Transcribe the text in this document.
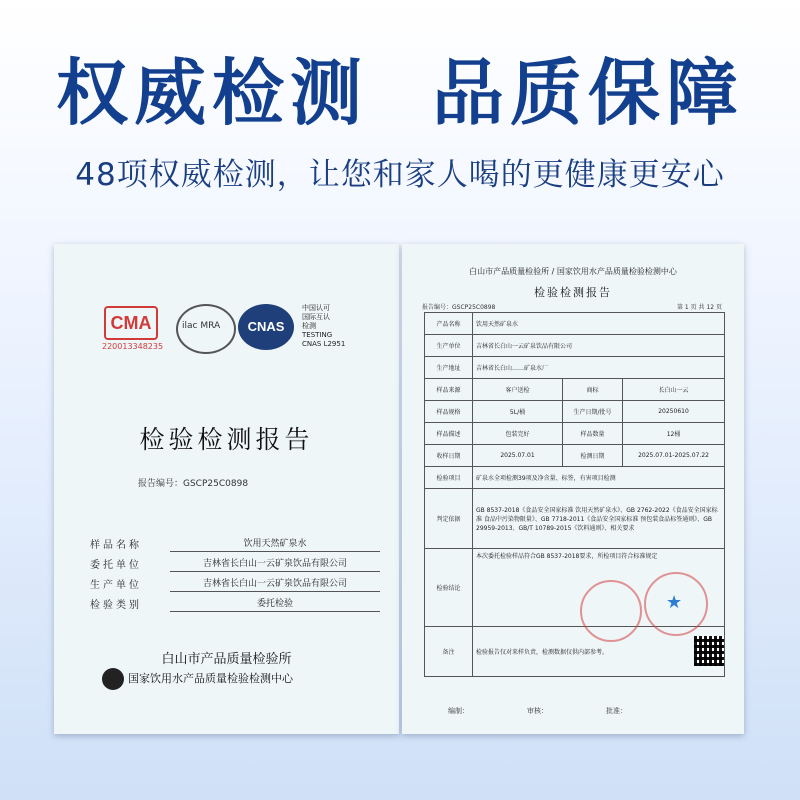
权威检测 品质保障
48项权威检测，让您和家人喝的更健康更安心
CMA
220013348235
ilac MRA	CNAS
中国认可
国际互认
检测
TESTING
CNAS L2951
检验检测报告
报告编号：GSCP25C0898
样品名称	饮用天然矿泉水
委托单位	吉林省长白山一云矿泉饮品有限公司
生产单位	吉林省长白山一云矿泉饮品有限公司
检验类别	委托检验
白山市产品质量检验所
国家饮用水产品质量检验检测中心
白山市产品质量检验所 / 国家饮用水产品质量检验检测中心
检验检测报告
报告编号：GSCP25C0898	第 1 页 共 12 页
产品名称	饮用天然矿泉水		
生产单位	吉林省长白山一云矿泉饮品有限公司		
生产地址	吉林省长白山……矿泉水厂		
样品来源	客户送检	商标	长白山一云
样品规格	5L/桶	生产日期/批号	20250610
样品描述	包装完好	样品数量	12桶
收样日期	2025.07.01	检测日期	2025.07.01-2025.07.22
检验项目	矿泉水全项检测39项及净含量、标签，有害项目检测		
判定依据	GB 8537-2018《食品安全国家标准 饮用天然矿泉水》、GB 2762-2022《食品安全国家标准 食品中污染物限量》、GB 7718-2011《食品安全国家标准 预包装食品标签通则》、GB 29959-2013、GB/T 10789-2015《饮料通则》、相关要求		
检验结论	本次委托检验样品符合GB 8537-2018要求，所检项目符合标准规定		
备注	检验报告仅对来样负责，检测数据仅供内部参考。		
★
编制：	审核：	批准：
